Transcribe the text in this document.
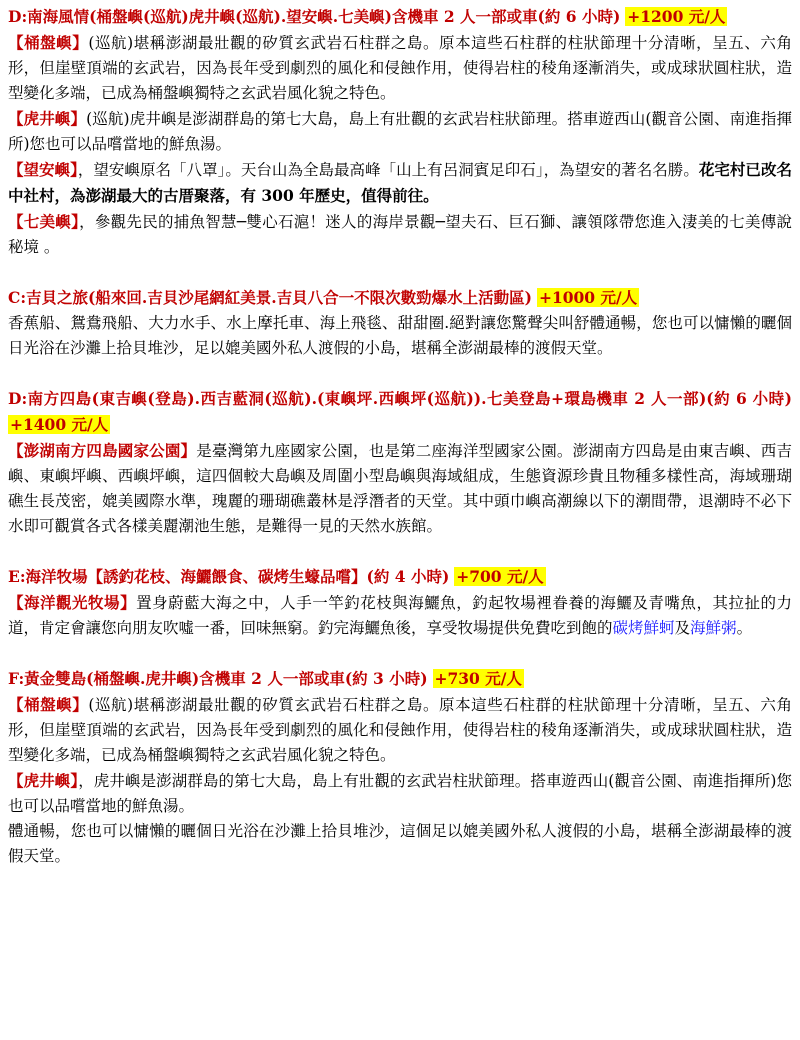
D:南海風情(桶盤嶼(巡航)虎井嶼(巡航).望安嶼.七美嶼)含機車 2 人一部或車(約 6 小時) +1200 元/人

【桶盤嶼】(巡航)堪稱澎湖最壯觀的矽質玄武岩石柱群之島。原本這些石柱群的柱狀節理十分清晰，呈五、六角形，但崖壁頂端的玄武岩，因為長年受到劇烈的風化和侵蝕作用，使得岩柱的稜角逐漸消失，或成球狀圓柱狀，造型變化多端，已成為桶盤嶼獨特之玄武岩風化貌之特色。

【虎井嶼】(巡航)虎井嶼是澎湖群島的第七大島，島上有壯觀的玄武岩柱狀節理。搭車遊西山(觀音公園、南進指揮所)您也可以品嚐當地的鮮魚湯。

【望安嶼】，望安嶼原名「八罩」。天台山為全島最高峰「山上有呂洞賓足印石」，為望安的著名名勝。花宅村已改名中社村，為澎湖最大的古厝聚落，有 300 年歷史，值得前往。

【七美嶼】，參觀先民的捕魚智慧─雙心石滬！迷人的海岸景觀─望夫石、巨石獅、讓領隊帶您進入淒美的七美傳說秘境 。

C:吉貝之旅(船來回.吉貝沙尾網紅美景.吉貝八合一不限次數勁爆水上活動區) +1000 元/人

香蕉船、鴛鴦飛船、大力水手、水上摩托車、海上飛毯、甜甜圈.絕對讓您驚聲尖叫舒體通暢，您也可以慵懶的曬個日光浴在沙灘上拾貝堆沙，足以媲美國外私人渡假的小島，堪稱全澎湖最棒的渡假天堂。

D:南方四島(東吉嶼(登島).西吉藍洞(巡航).(東嶼坪.西嶼坪(巡航)).七美登島+環島機車 2 人一部)(約 6 小時) +1400 元/人

【澎湖南方四島國家公園】是臺灣第九座國家公園，也是第二座海洋型國家公園。澎湖南方四島是由東吉嶼、西吉嶼、東嶼坪嶼、西嶼坪嶼，這四個較大島嶼及周圍小型島嶼與海域組成，生態資源珍貴且物種多樣性高，海域珊瑚礁生長茂密，媲美國際水準，瑰麗的珊瑚礁叢林是浮潛者的天堂。其中頭巾嶼高潮線以下的潮間帶，退潮時不必下水即可觀賞各式各樣美麗潮池生態，是難得一見的天然水族館。

E:海洋牧場【誘釣花枝、海鱺餵食、碳烤生蠔品嚐】(約 4 小時) +700 元/人

【海洋觀光牧場】置身蔚藍大海之中，人手一竿釣花枝與海鱺魚，釣起牧場裡眷養的海鱺及青嘴魚，其拉扯的力道，肯定會讓您向朋友吹噓一番，回味無窮。釣完海鱺魚後，享受牧場提供免費吃到飽的碳烤鮮蚵及海鮮粥。

F:黃金雙島(桶盤嶼.虎井嶼)含機車 2 人一部或車(約 3 小時) +730 元/人

【桶盤嶼】(巡航)堪稱澎湖最壯觀的矽質玄武岩石柱群之島。原本這些石柱群的柱狀節理十分清晰，呈五、六角形，但崖壁頂端的玄武岩，因為長年受到劇烈的風化和侵蝕作用，使得岩柱的稜角逐漸消失，或成球狀圓柱狀，造型變化多端，已成為桶盤嶼獨特之玄武岩風化貌之特色。

【虎井嶼】，虎井嶼是澎湖群島的第七大島，島上有壯觀的玄武岩柱狀節理。搭車遊西山(觀音公園、南進指揮所)您也可以品嚐當地的鮮魚湯。

體通暢，您也可以慵懶的曬個日光浴在沙灘上拾貝堆沙，這個足以媲美國外私人渡假的小島，堪稱全澎湖最棒的渡假天堂。
